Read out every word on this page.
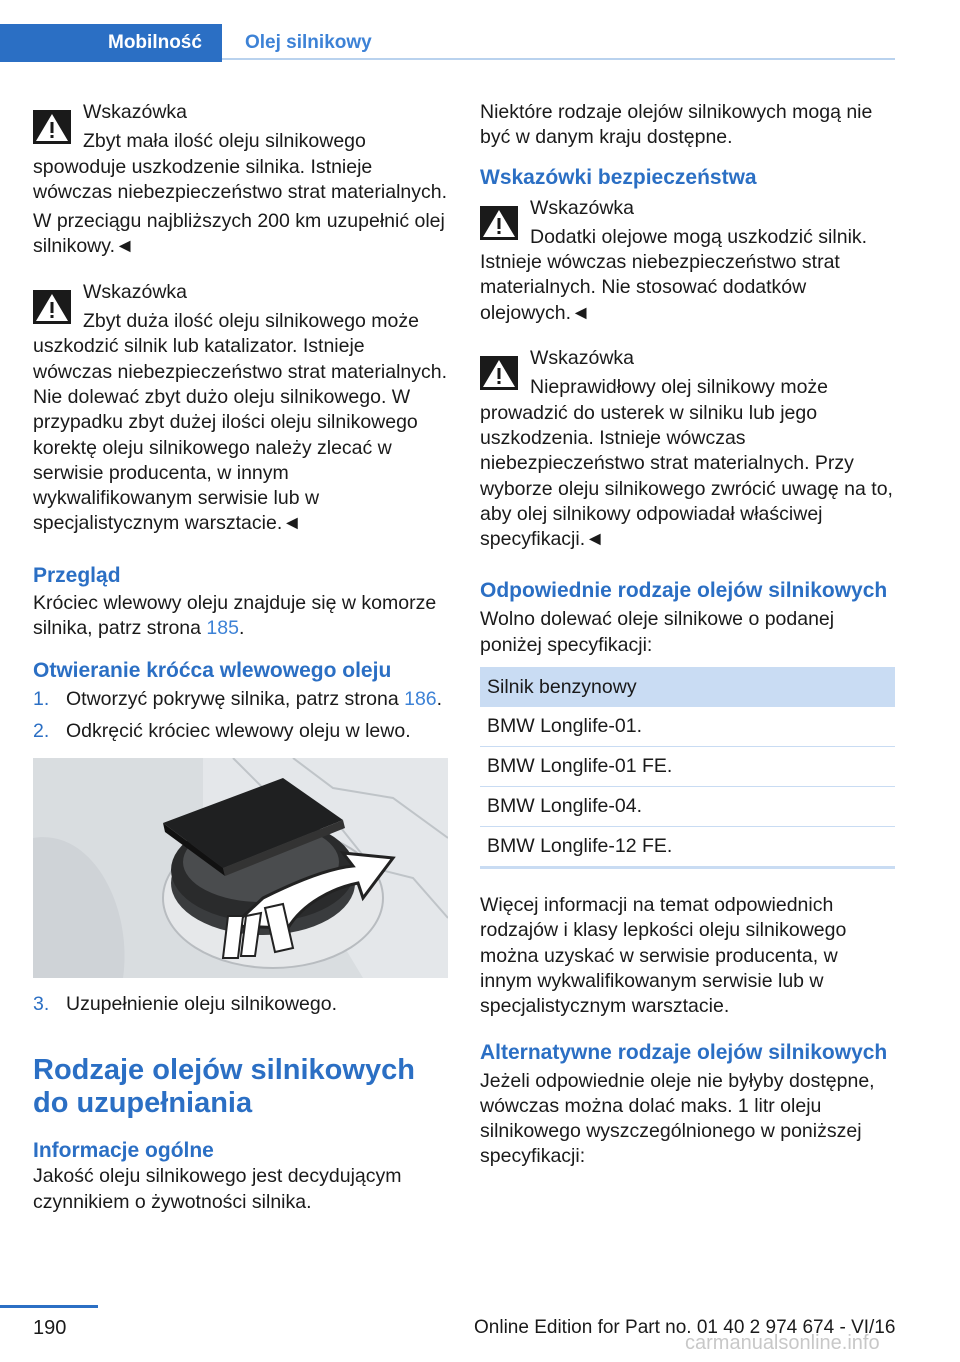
Mobilność	Olej silnikowy

Wskazówka

Zbyt mała ilość oleju silnikowego spowoduje uszkodzenie silnika. Istnieje wówczas niebezpieczeństwo strat materialnych.

W przeciągu najbliższych 200 km uzupełnić olej silnikowy.◄

Wskazówka

Zbyt duża ilość oleju silnikowego może uszkodzić silnik lub katalizator. Istnieje wówczas niebezpieczeństwo strat materialnych. Nie dolewać zbyt dużo oleju silnikowego. W przypadku zbyt dużej ilości oleju silnikowego korektę oleju silnikowego należy zlecać w serwisie producenta, w innym wykwalifikowanym serwisie lub w specjalistycznym warsztacie.◄

Przegląd

Króciec wlewowy oleju znajduje się w komorze silnika, patrz strona 185.

Otwieranie króćca wlewowego oleju

1. Otworzyć pokrywę silnika, patrz strona 186.
2. Odkręcić króciec wlewowy oleju w lewo.
3. Uzupełnienie oleju silnikowego.

Rodzaje olejów silnikowych do uzupełniania

Informacje ogólne

Jakość oleju silnikowego jest decydującym czynnikiem o żywotności silnika.

Niektóre rodzaje olejów silnikowych mogą nie być w danym kraju dostępne.

Wskazówki bezpieczeństwa

Wskazówka

Dodatki olejowe mogą uszkodzić silnik. Istnieje wówczas niebezpieczeństwo strat materialnych. Nie stosować dodatków olejowych.◄

Wskazówka

Nieprawidłowy olej silnikowy może prowadzić do usterek w silniku lub jego uszkodzenia. Istnieje wówczas niebezpieczeństwo strat materialnych. Przy wyborze oleju silnikowego zwrócić uwagę na to, aby olej silnikowy odpowiadał właściwej specyfikacji.◄

Odpowiednie rodzaje olejów silnikowych

Wolno dolewać oleje silnikowe o podanej poniżej specyfikacji:

Silnik benzynowy
BMW Longlife-01.
BMW Longlife-01 FE.
BMW Longlife-04.
BMW Longlife-12 FE.

Więcej informacji na temat odpowiednich rodzajów i klasy lepkości oleju silnikowego można uzyskać w serwisie producenta, w innym wykwalifikowanym serwisie lub w specjalistycznym warsztacie.

Alternatywne rodzaje olejów silnikowych

Jeżeli odpowiednie oleje nie byłyby dostępne, wówczas można dolać maks. 1 litr oleju silnikowego wyszczególnionego w poniższej specyfikacji:

190	Online Edition for Part no. 01 40 2 974 674 - VI/16
carmanualsonline.info
